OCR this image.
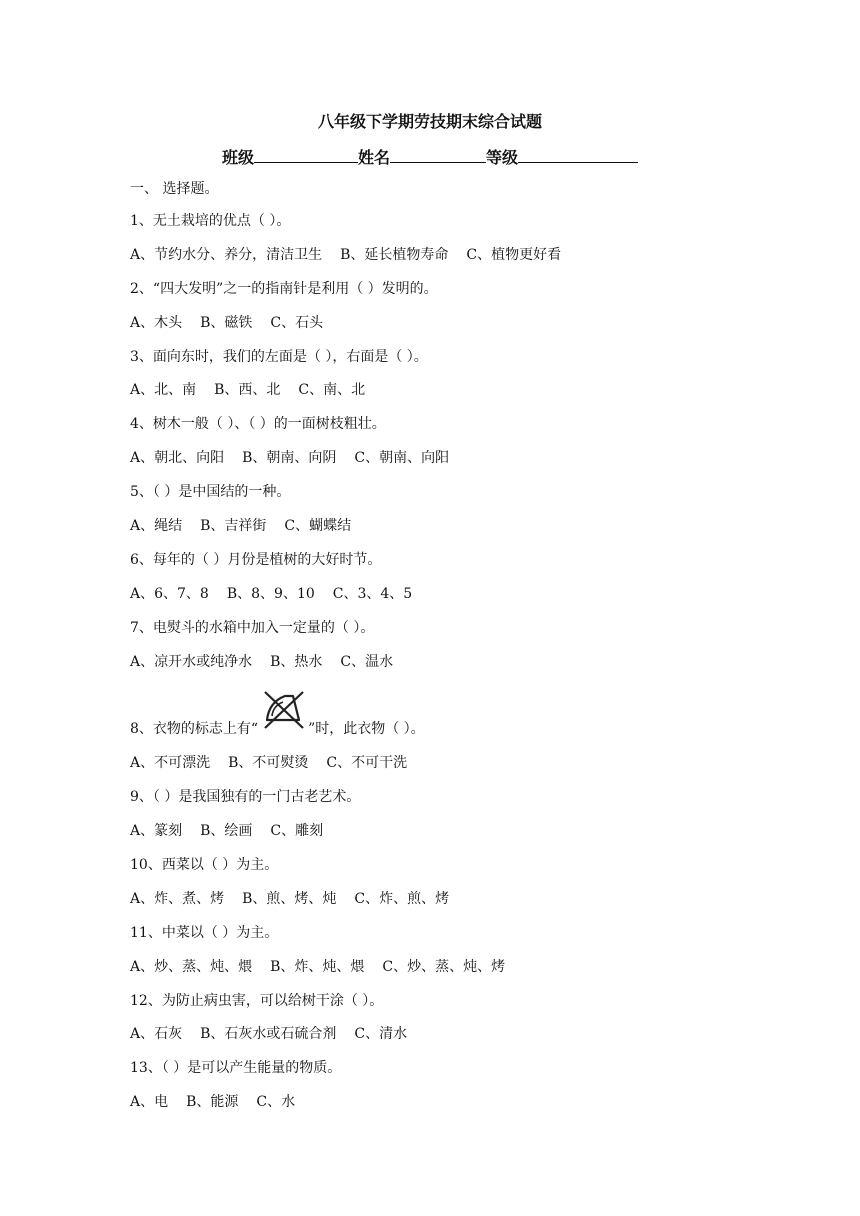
八年级下学期劳技期末综合试题
班级	姓名	等级
一、 选择题。
1、无土栽培的优点（ ）。
A、节约水分、养分，清洁卫生 B、延长植物寿命 C、植物更好看
2、“四大发明”之一的指南针是利用（ ）发明的。
A、木头 B、磁铁 C、石头
3、面向东时，我们的左面是（ ），右面是（ ）。
A、北、南 B、西、北 C、南、北
4、树木一般（ ）、（ ）的一面树枝粗壮。
A、朝北、向阳 B、朝南、向阴 C、朝南、向阳
5、（ ）是中国结的一种。
A、绳结 B、吉祥街 C、蝴蝶结
6、每年的（ ）月份是植树的大好时节。
A、6、7、8 B、8、9、10 C、3、4、5
7、电熨斗的水箱中加入一定量的（ ）。
A、凉开水或纯净水 B、热水 C、温水
8、衣物的标志上有“	”时，此衣物（ ）。
A、不可漂洗 B、不可熨烫 C、不可干洗
9、（ ）是我国独有的一门古老艺术。
A、篆刻 B、绘画 C、雕刻
10、西菜以（ ）为主。
A、炸、煮、烤 B、煎、烤、炖 C、炸、煎、烤
11、中菜以（ ）为主。
A、炒、蒸、炖、煨 B、炸、炖、煨 C、炒、蒸、炖、烤
12、为防止病虫害，可以给树干涂（ ）。
A、石灰 B、石灰水或石硫合剂 C、清水
13、（ ）是可以产生能量的物质。
A、电 B、能源 C、水
